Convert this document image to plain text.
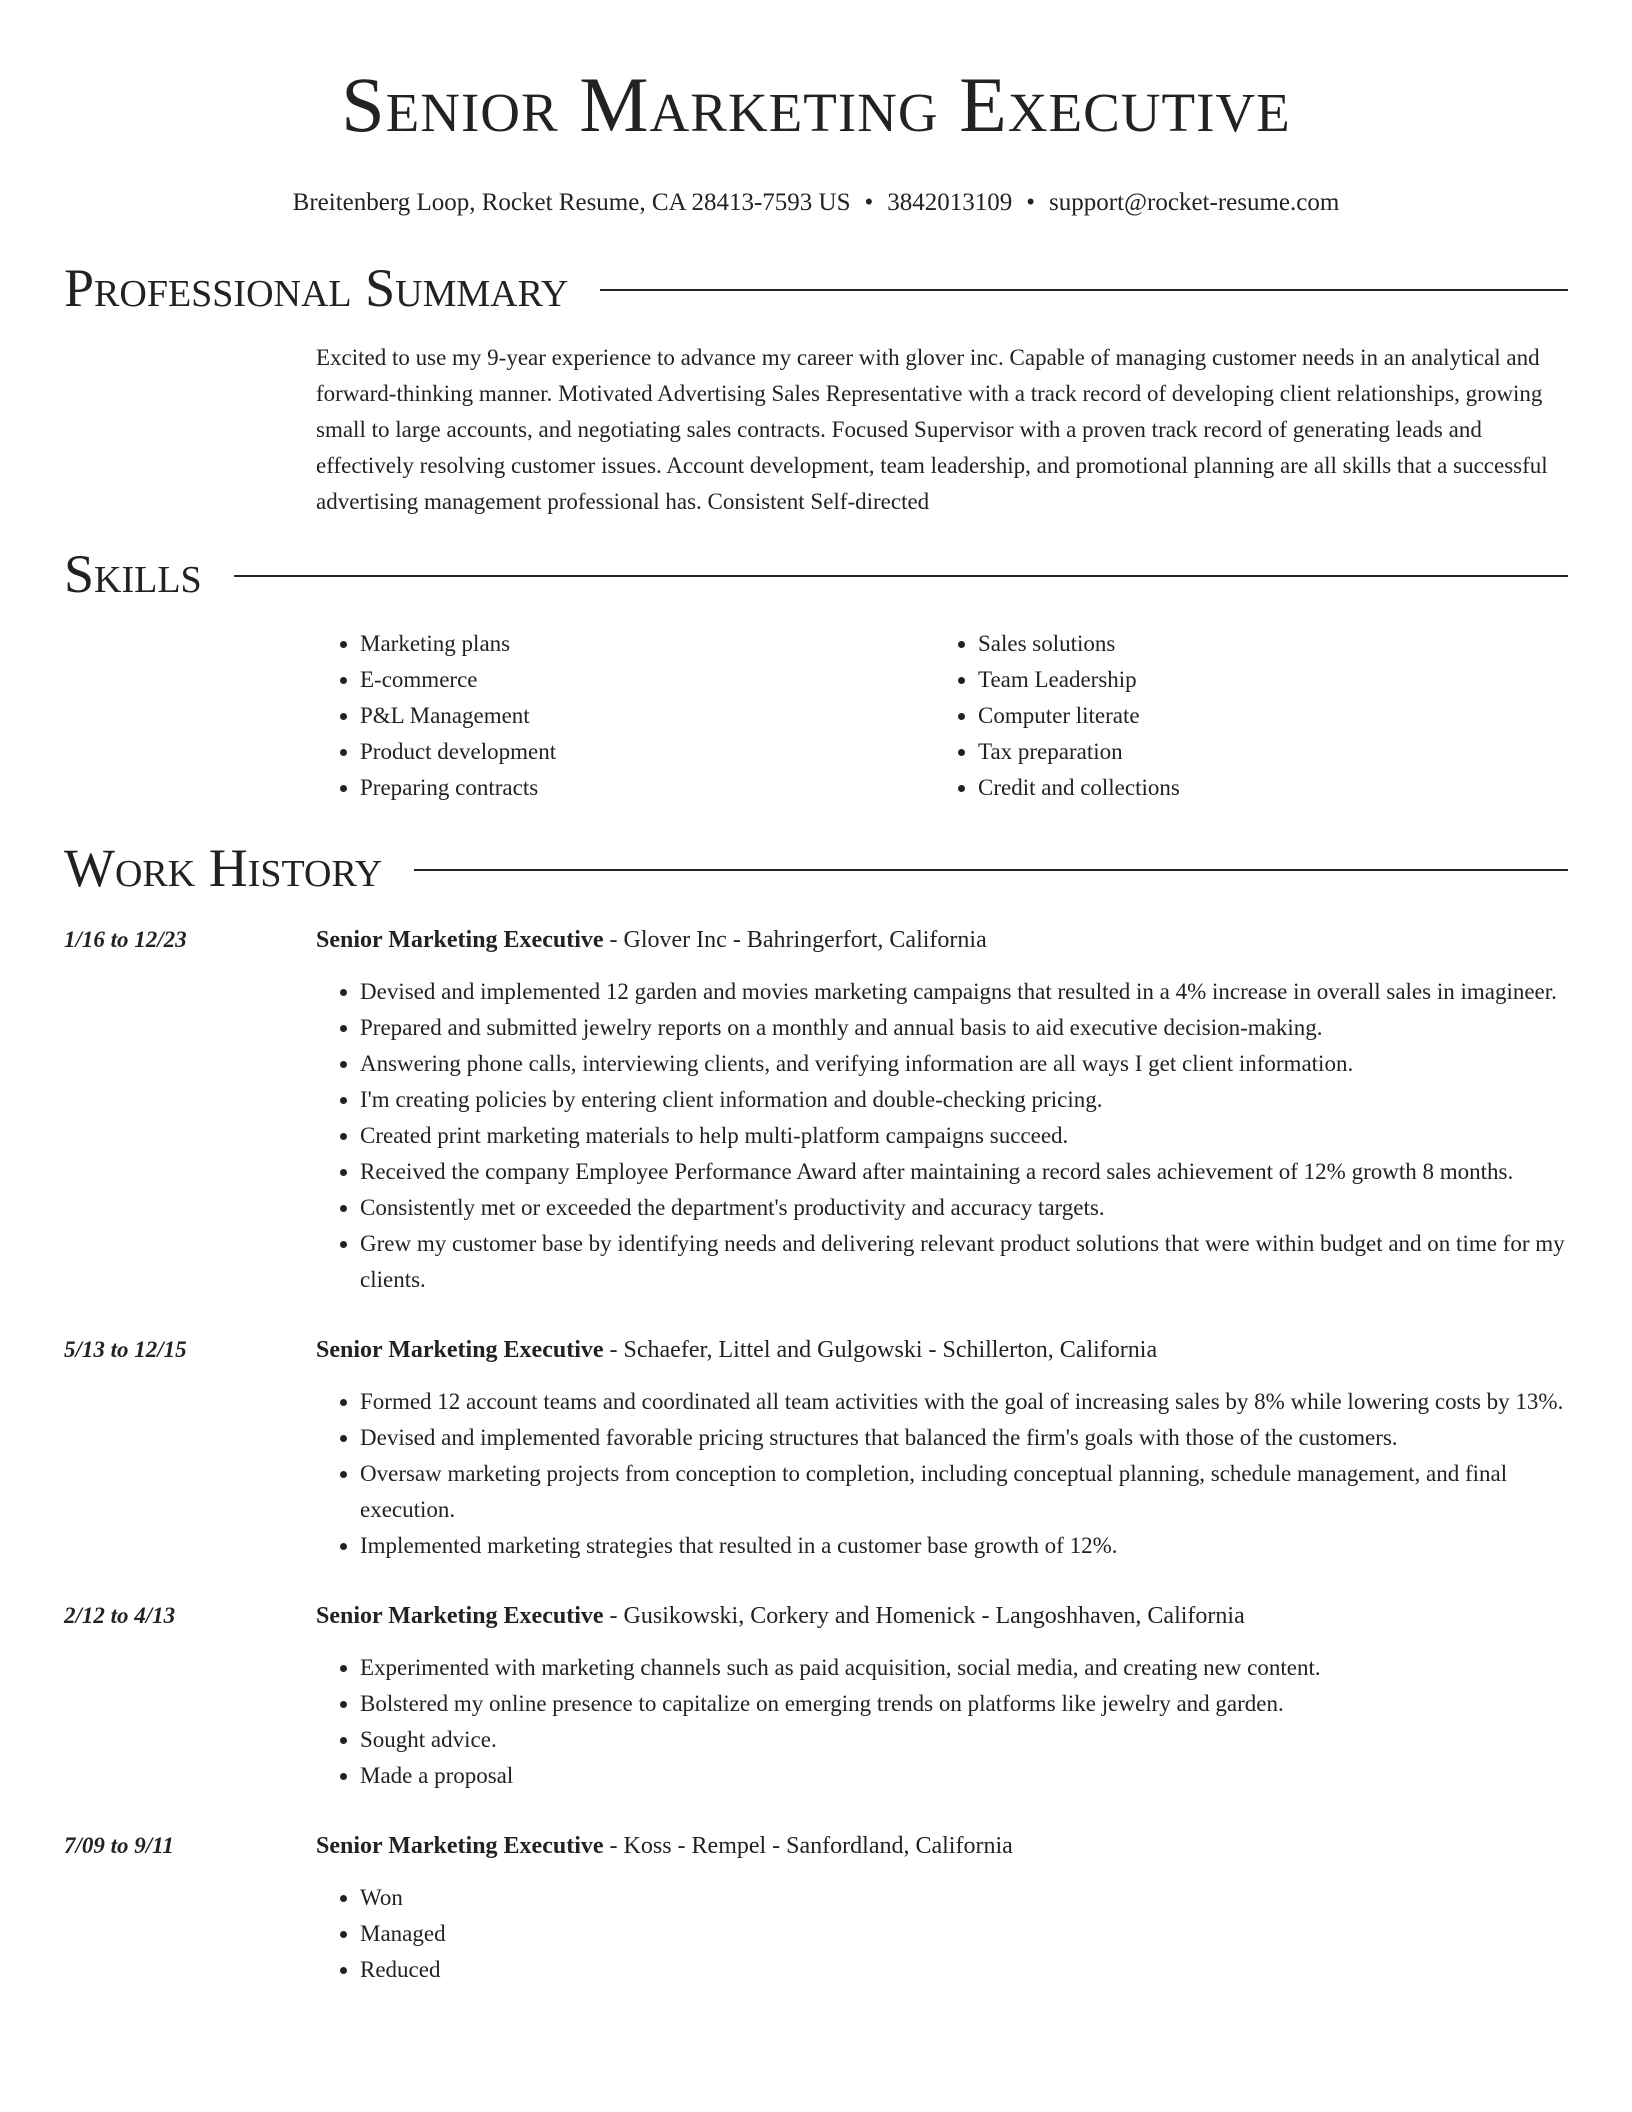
Senior Marketing Executive
Breitenberg Loop, Rocket Resume, CA 28413-7593 US • 3842013109 • support@rocket-resume.com
Professional Summary
Excited to use my 9-year experience to advance my career with glover inc. Capable of managing customer needs in an analytical and forward-thinking manner. Motivated Advertising Sales Representative with a track record of developing client relationships, growing small to large accounts, and negotiating sales contracts. Focused Supervisor with a proven track record of generating leads and effectively resolving customer issues. Account development, team leadership, and promotional planning are all skills that a successful advertising management professional has. Consistent Self-directed
Skills
• Marketing plans
• E-commerce
• P&L Management
• Product development
• Preparing contracts
• Sales solutions
• Team Leadership
• Computer literate
• Tax preparation
• Credit and collections
Work History
1/16 to 12/23	Senior Marketing Executive - Glover Inc - Bahringerfort, California
• Devised and implemented 12 garden and movies marketing campaigns that resulted in a 4% increase in overall sales in imagineer.
• Prepared and submitted jewelry reports on a monthly and annual basis to aid executive decision-making.
• Answering phone calls, interviewing clients, and verifying information are all ways I get client information.
• I'm creating policies by entering client information and double-checking pricing.
• Created print marketing materials to help multi-platform campaigns succeed.
• Received the company Employee Performance Award after maintaining a record sales achievement of 12% growth 8 months.
• Consistently met or exceeded the department's productivity and accuracy targets.
• Grew my customer base by identifying needs and delivering relevant product solutions that were within budget and on time for my clients.
5/13 to 12/15	Senior Marketing Executive - Schaefer, Littel and Gulgowski - Schillerton, California
• Formed 12 account teams and coordinated all team activities with the goal of increasing sales by 8% while lowering costs by 13%.
• Devised and implemented favorable pricing structures that balanced the firm's goals with those of the customers.
• Oversaw marketing projects from conception to completion, including conceptual planning, schedule management, and final execution.
• Implemented marketing strategies that resulted in a customer base growth of 12%.
2/12 to 4/13	Senior Marketing Executive - Gusikowski, Corkery and Homenick - Langoshhaven, California
• Experimented with marketing channels such as paid acquisition, social media, and creating new content.
• Bolstered my online presence to capitalize on emerging trends on platforms like jewelry and garden.
• Sought advice.
• Made a proposal
7/09 to 9/11	Senior Marketing Executive - Koss - Rempel - Sanfordland, California
• Won
• Managed
• Reduced
